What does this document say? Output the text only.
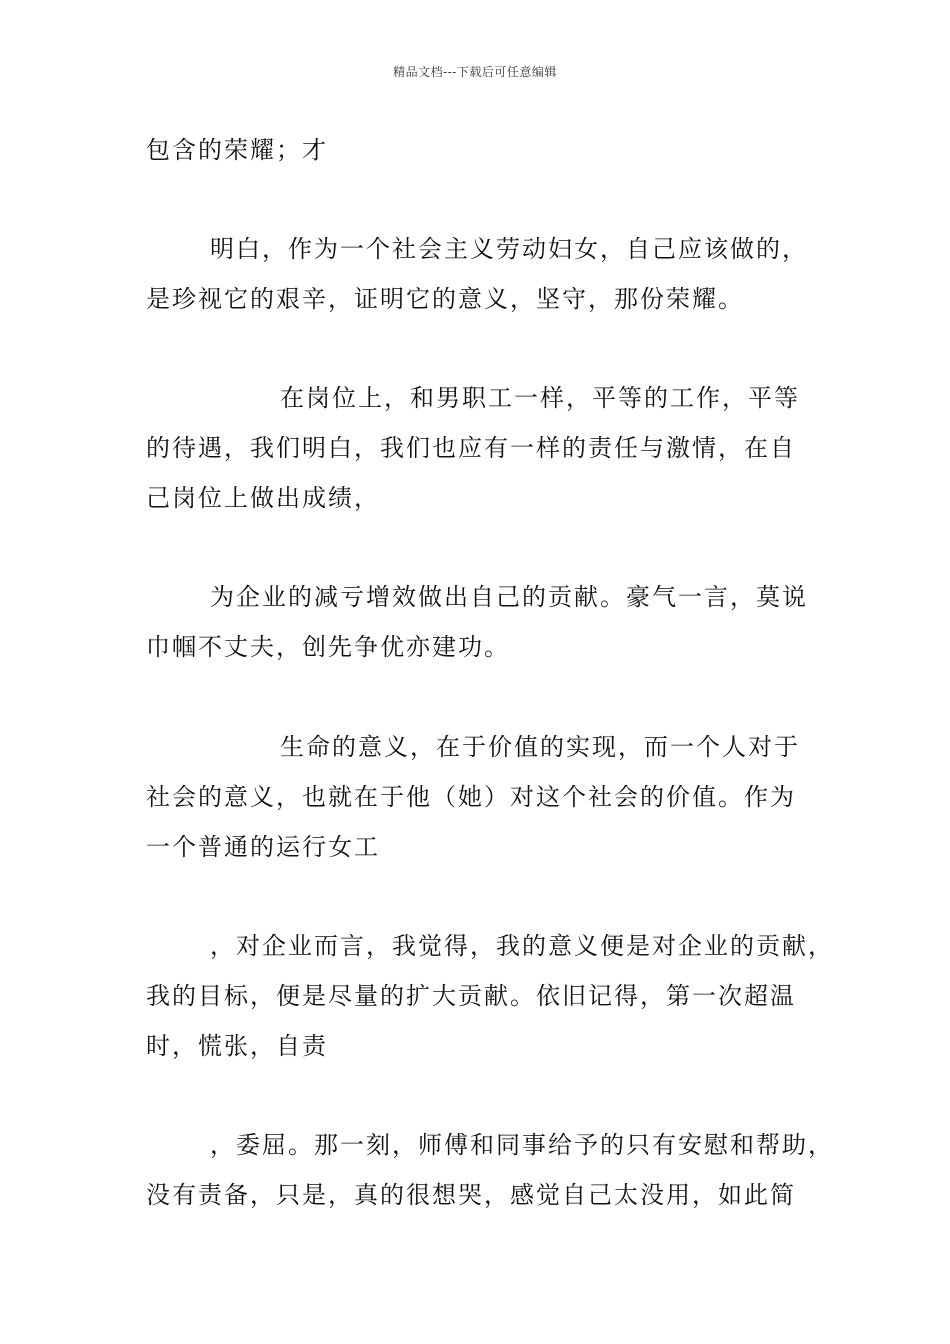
精品文档---下载后可任意编辑
包含的荣耀；才
明白，作为一个社会主义劳动妇女，自己应该做的，
是珍视它的艰辛，证明它的意义，坚守，那份荣耀。
在岗位上，和男职工一样，平等的工作，平等
的待遇，我们明白，我们也应有一样的责任与激情，在自
己岗位上做出成绩，
为企业的减亏增效做出自己的贡献。豪气一言，莫说
巾帼不丈夫，创先争优亦建功。
生命的意义，在于价值的实现，而一个人对于
社会的意义，也就在于他（她）对这个社会的价值。作为
一个普通的运行女工
，对企业而言，我觉得，我的意义便是对企业的贡献，
我的目标，便是尽量的扩大贡献。依旧记得，第一次超温
时，慌张，自责
，委屈。那一刻，师傅和同事给予的只有安慰和帮助，
没有责备，只是，真的很想哭，感觉自己太没用，如此简
